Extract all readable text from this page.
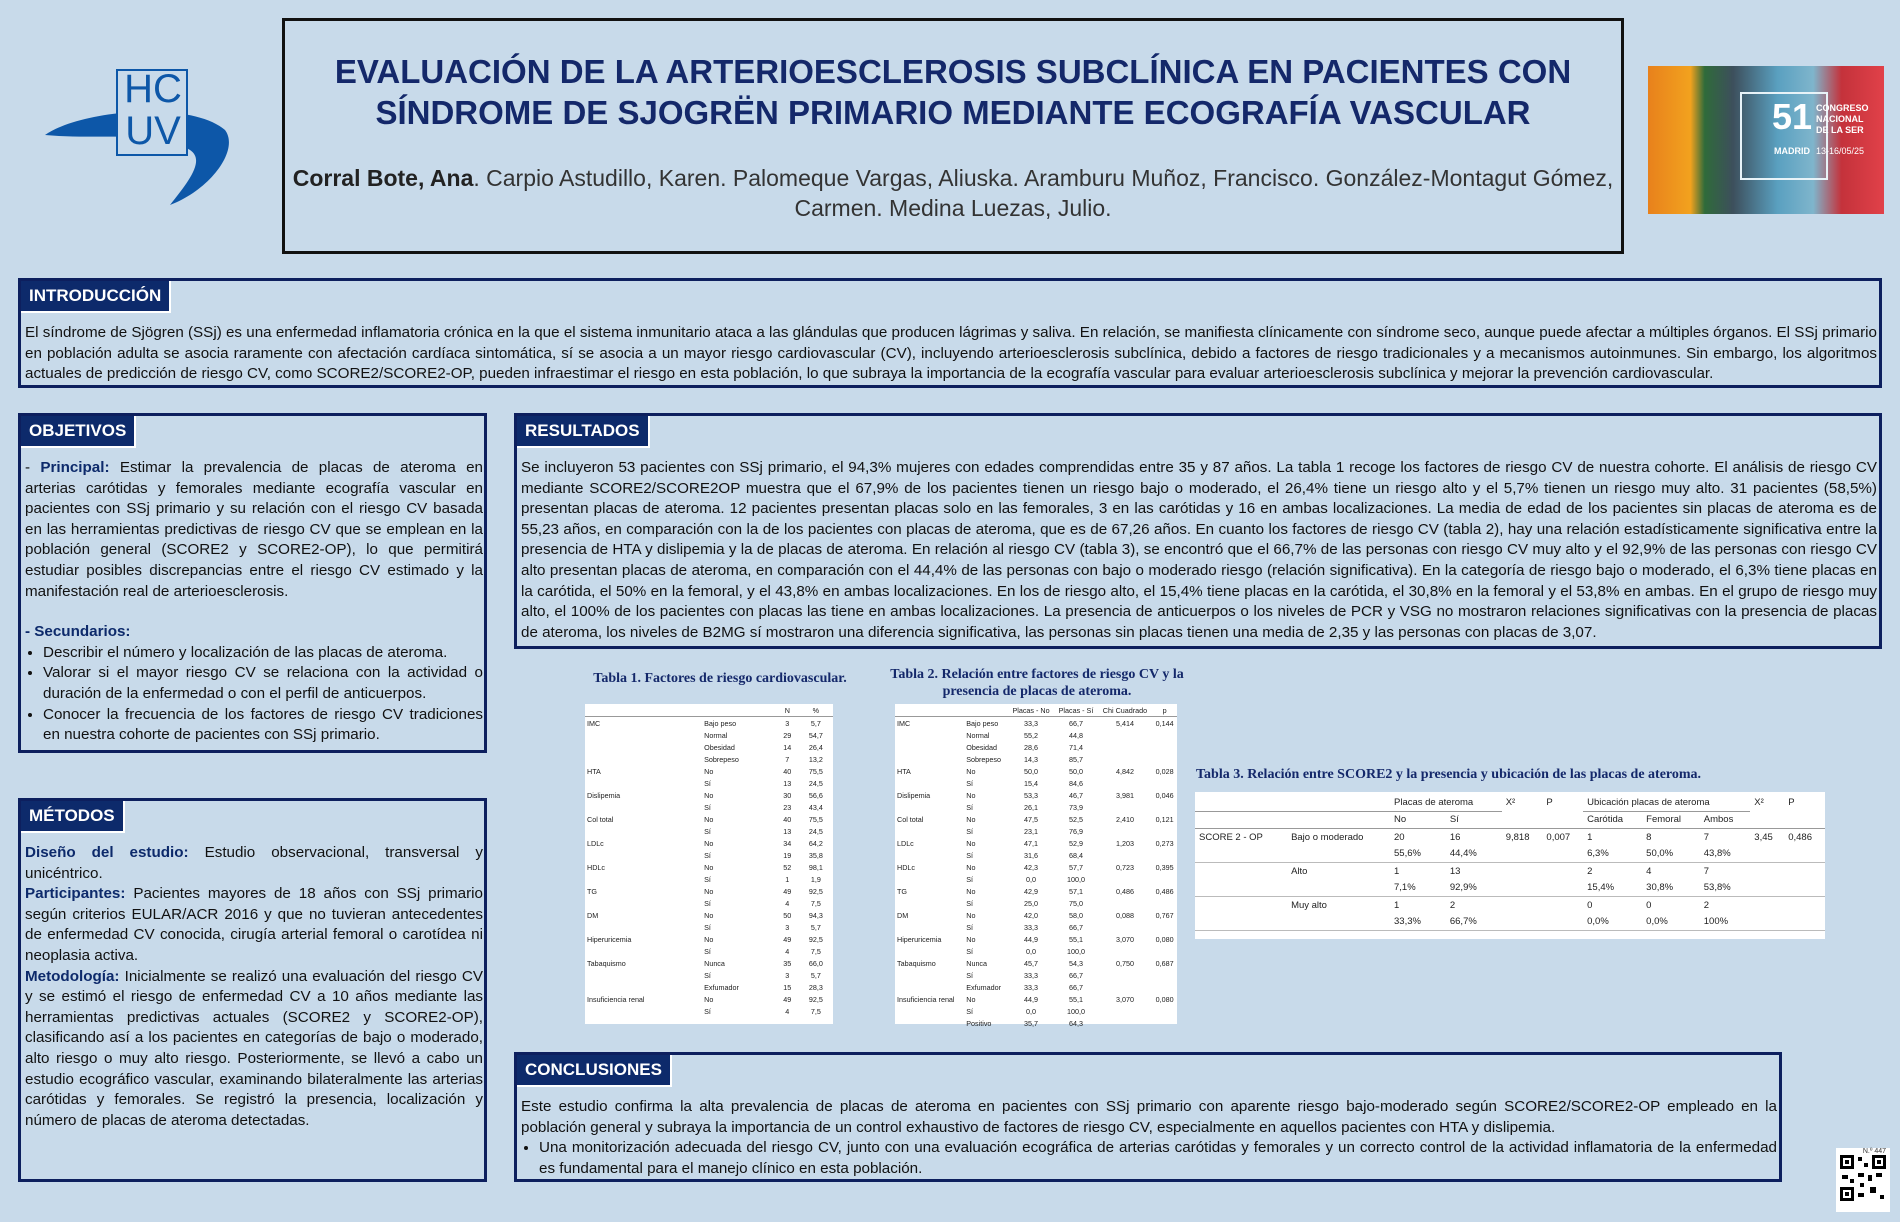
HC
UV
EVALUACIÓN DE LA ARTERIOESCLEROSIS SUBCLÍNICA EN PACIENTES CON SÍNDROME DE SJOGRËN PRIMARIO MEDIANTE ECOGRAFÍA VASCULAR
Corral Bote, Ana. Carpio Astudillo, Karen. Palomeque Vargas, Aliuska. Aramburu Muñoz, Francisco. González-Montagut Gómez, Carmen. Medina Luezas, Julio.
51 CONGRESO
NACIONAL
DE LA SER
MADRID 13-16/05/25
INTRODUCCIÓN
El síndrome de Sjögren (SSj) es una enfermedad inflamatoria crónica en la que el sistema inmunitario ataca a las glándulas que producen lágrimas y saliva. En relación, se manifiesta clínicamente con síndrome seco, aunque puede afectar a múltiples órganos. El SSj primario en población adulta se asocia raramente con afectación cardíaca sintomática, sí se asocia a un mayor riesgo cardiovascular (CV), incluyendo arterioesclerosis subclínica, debido a factores de riesgo tradicionales y a mecanismos autoinmunes. Sin embargo, los algoritmos actuales de predicción de riesgo CV, como SCORE2/SCORE2-OP, pueden infraestimar el riesgo en esta población, lo que subraya la importancia de la ecografía vascular para evaluar arterioesclerosis subclínica y mejorar la prevención cardiovascular.
OBJETIVOS
- Principal: Estimar la prevalencia de placas de ateroma en arterias carótidas y femorales mediante ecografía vascular en pacientes con SSj primario y su relación con el riesgo CV basada en las herramientas predictivas de riesgo CV que se emplean en la población general (SCORE2 y SCORE2-OP), lo que permitirá estudiar posibles discrepancias entre el riesgo CV estimado y la manifestación real de arterioesclerosis.
- Secundarios:
• Describir el número y localización de las placas de ateroma.
• Valorar si el mayor riesgo CV se relaciona con la actividad o duración de la enfermedad o con el perfil de anticuerpos.
• Conocer la frecuencia de los factores de riesgo CV tradiciones en nuestra cohorte de pacientes con SSj primario.
MÉTODOS
Diseño del estudio: Estudio observacional, transversal y unicéntrico.
Participantes: Pacientes mayores de 18 años con SSj primario según criterios EULAR/ACR 2016 y que no tuvieran antecedentes de enfermedad CV conocida, cirugía arterial femoral o carotídea ni neoplasia activa.
Metodología: Inicialmente se realizó una evaluación del riesgo CV y se estimó el riesgo de enfermedad CV a 10 años mediante las herramientas predictivas actuales (SCORE2 y SCORE2-OP), clasificando así a los pacientes en categorías de bajo o moderado, alto riesgo o muy alto riesgo. Posteriormente, se llevó a cabo un estudio ecográfico vascular, examinando bilateralmente las arterias carótidas y femorales. Se registró la presencia, localización y número de placas de ateroma detectadas.
RESULTADOS
Se incluyeron 53 pacientes con SSj primario, el 94,3% mujeres con edades comprendidas entre 35 y 87 años. La tabla 1 recoge los factores de riesgo CV de nuestra cohorte. El análisis de riesgo CV mediante SCORE2/SCORE2OP muestra que el 67,9% de los pacientes tienen un riesgo bajo o moderado, el 26,4% tiene un riesgo alto y el 5,7% tienen un riesgo muy alto. 31 pacientes (58,5%) presentan placas de ateroma. 12 pacientes presentan placas solo en las femorales, 3 en las carótidas y 16 en ambas localizaciones. La media de edad de los pacientes sin placas de ateroma es de 55,23 años, en comparación con la de los pacientes con placas de ateroma, que es de 67,26 años. En cuanto los factores de riesgo CV (tabla 2), hay una relación estadísticamente significativa entre la presencia de HTA y dislipemia y la de placas de ateroma. En relación al riesgo CV (tabla 3), se encontró que el 66,7% de las personas con riesgo CV muy alto y el 92,9% de las personas con riesgo CV alto presentan placas de ateroma, en comparación con el 44,4% de las personas con bajo o moderado riesgo (relación significativa). En la categoría de riesgo bajo o moderado, el 6,3% tiene placas en la carótida, el 50% en la femoral, y el 43,8% en ambas localizaciones. En los de riesgo alto, el 15,4% tiene placas en la carótida, el 30,8% en la femoral y el 53,8% en ambas. En el grupo de riesgo muy alto, el 100% de los pacientes con placas las tiene en ambas localizaciones. La presencia de anticuerpos o los niveles de PCR y VSG no mostraron relaciones significativas con la presencia de placas de ateroma, los niveles de B2MG sí mostraron una diferencia significativa, las personas sin placas tienen una media de 2,35 y las personas con placas de 3,07.
Tabla 1. Factores de riesgo cardiovascular.
		N	%
IMC	Bajo peso	3	5,7
	Normal	29	54,7
	Obesidad	14	26,4
	Sobrepeso	7	13,2
HTA	No	40	75,5
	Sí	13	24,5
Dislipemia	No	30	56,6
	Sí	23	43,4
Col total	No	40	75,5
	Sí	13	24,5
LDLc	No	34	64,2
	Sí	19	35,8
HDLc	No	52	98,1
	Sí	1	1,9
TG	No	49	92,5
	Sí	4	7,5
DM	No	50	94,3
	Sí	3	5,7
Hiperuricemia	No	49	92,5
	Sí	4	7,5
Tabaquismo	Nunca	35	66,0
	Sí	3	5,7
	Exfumador	15	28,3
Insuficiencia renal	No	49	92,5
	Sí	4	7,5
Tabla 2. Relación entre factores de riesgo CV y la presencia de placas de ateroma.
		Placas - No	Placas - Sí	Chi Cuadrado	p
IMC	Bajo peso	33,3	66,7	5,414	0,144
	Normal	55,2	44,8		
	Obesidad	28,6	71,4		
	Sobrepeso	14,3	85,7		
HTA	No	50,0	50,0	4,842	0,028
	Sí	15,4	84,6		
Dislipemia	No	53,3	46,7	3,981	0,046
	Sí	26,1	73,9		
Col total	No	47,5	52,5	2,410	0,121
	Sí	23,1	76,9		
LDLc	No	47,1	52,9	1,203	0,273
	Sí	31,6	68,4		
HDLc	No	42,3	57,7	0,723	0,395
	Sí	0,0	100,0		
TG	No	42,9	57,1	0,486	0,486
	Sí	25,0	75,0		
DM	No	42,0	58,0	0,088	0,767
	Sí	33,3	66,7		
Hiperuricemia	No	44,9	55,1	3,070	0,080
	Sí	0,0	100,0		
Tabaquismo	Nunca	45,7	54,3	0,750	0,687
	Sí	33,3	66,7		
	Exfumador	33,3	66,7		
Insuficiencia renal	No	44,9	55,1	3,070	0,080
	Sí	0,0	100,0		
	Positivo	35,7	64,3		
Tabla 3. Relación entre SCORE2 y la presencia y ubicación de las placas de ateroma.
		Placas de ateroma		X²	P	Ubicación placas de ateroma			X²	P
		No	Sí			Carótida	Femoral	Ambos		
SCORE 2 - OP	Bajo o moderado	20	16	9,818	0,007	1	8	7	3,45	0,486
		55,6%	44,4%			6,3%	50,0%	43,8%		
	Alto	1	13			2	4	7		
		7,1%	92,9%			15,4%	30,8%	53,8%		
	Muy alto	1	2			0	0	2		
		33,3%	66,7%			0,0%	0,0%	100%		
CONCLUSIONES
Este estudio confirma la alta prevalencia de placas de ateroma en pacientes con SSj primario con aparente riesgo bajo-moderado según SCORE2/SCORE2-OP empleado en la población general y subraya la importancia de un control exhaustivo de factores de riesgo CV, especialmente en aquellos pacientes con HTA y dislipemia.
• Una monitorización adecuada del riesgo CV, junto con una evaluación ecográfica de arterias carótidas y femorales y un correcto control de la actividad inflamatoria de la enfermedad es fundamental para el manejo clínico en esta población.
N.º 447
